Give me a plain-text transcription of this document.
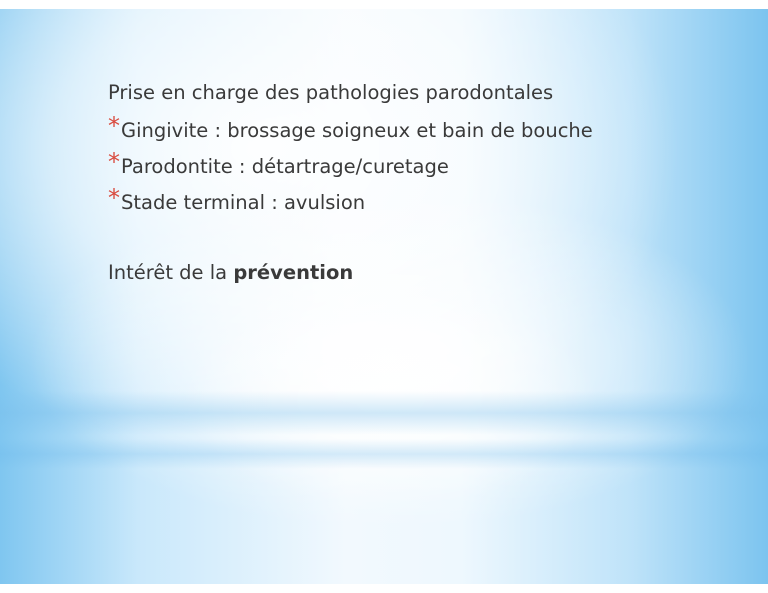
Prise en charge des pathologies parodontales
*Gingivite : brossage soigneux et bain de bouche
*Parodontite : détartrage/curetage
*Stade terminal : avulsion
Intérêt de la prévention
